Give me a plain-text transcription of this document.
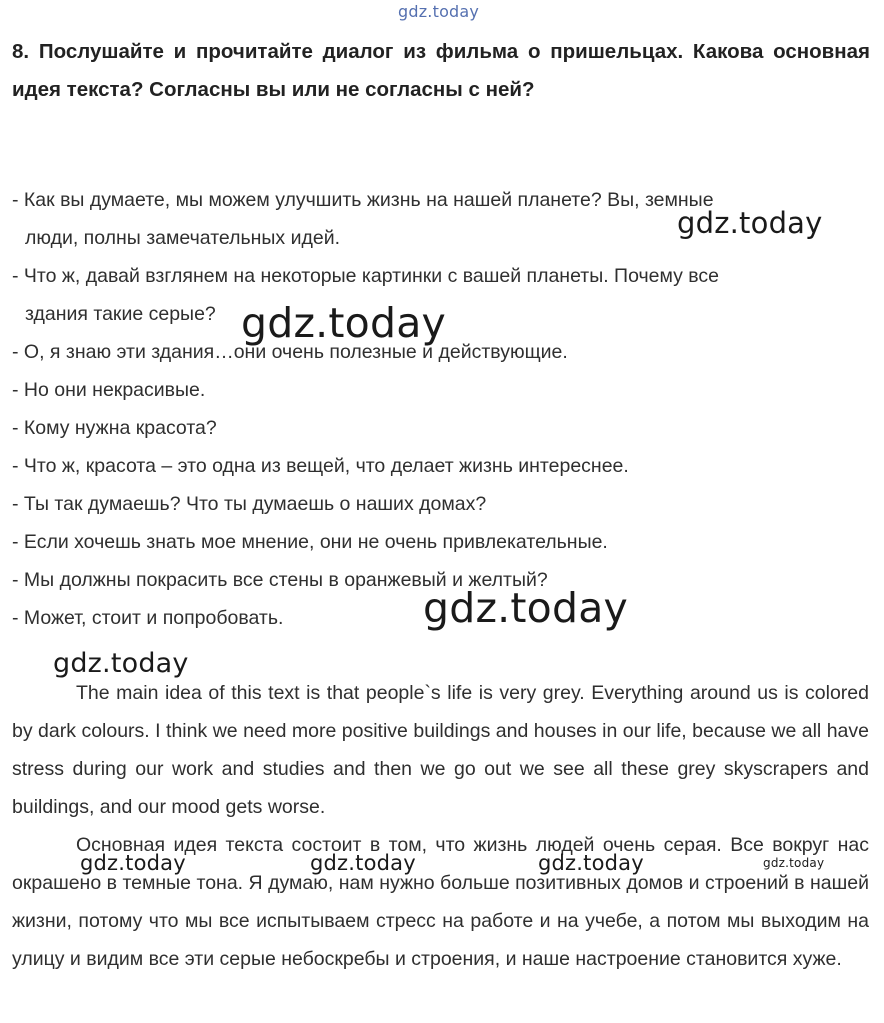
gdz.today
8. Послушайте и прочитайте диалог из фильма о пришельцах. Какова основная идея текста? Согласны вы или не согласны с ней?
- Как вы думаете, мы можем улучшить жизнь на нашей планете? Вы, земные
люди, полны замечательных идей.
- Что ж, давай взглянем на некоторые картинки с вашей планеты. Почему все
здания такие серые?
- О, я знаю эти здания…они очень полезные и действующие.
- Но они некрасивые.
- Кому нужна красота?
- Что ж, красота – это одна из вещей, что делает жизнь интереснее.
- Ты так думаешь? Что ты думаешь о наших домах?
- Если хочешь знать мое мнение, они не очень привлекательные.
- Мы должны покрасить все стены в оранжевый и желтый?
- Может, стоит и попробовать.
The main idea of this text is that people`s life is very grey. Everything around us is colored by dark colours. I think we need more positive buildings and houses in our life, because we all have stress during our work and studies and then we go out we see all these grey skyscrapers and buildings, and our mood gets worse.
Основная идея текста состоит в том, что жизнь людей очень серая. Все вокруг нас окрашено в темные тона. Я думаю, нам нужно больше позитивных домов и строений в нашей жизни, потому что мы все испытываем стресс на работе и на учебе, а потом мы выходим на улицу и видим все эти серые небоскребы и строения, и наше настроение становится хуже.
gdz.today
gdz.today
gdz.today
gdz.today
gdz.today	gdz.today	gdz.today	gdz.today
